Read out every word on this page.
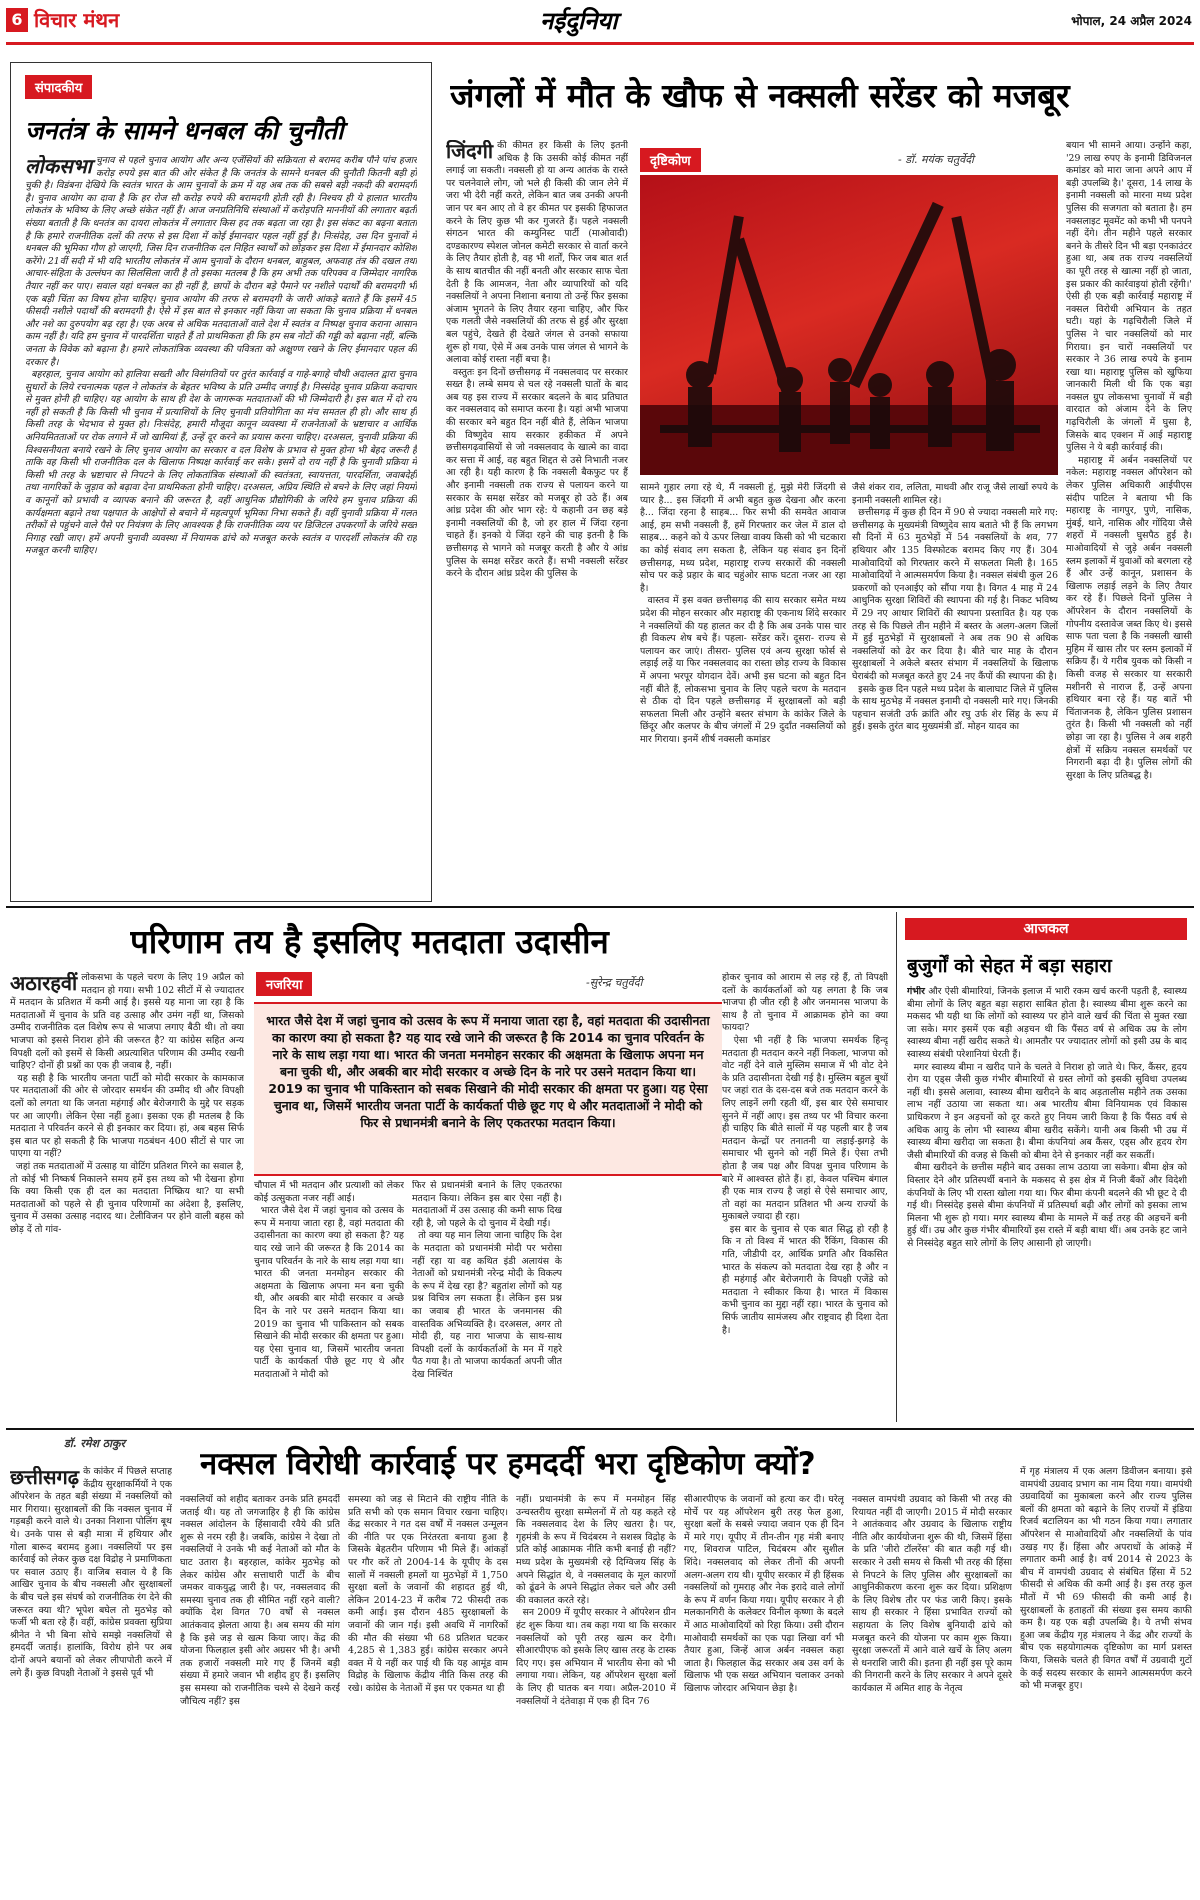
6 विचार मंथन	नईदुनिया	भोपाल, 24 अप्रैल 2024
संपादकीय
जनतंत्र के सामने धनबल की चुनौती
लोकसभा चुनाव से पहले चुनाव आयोग और अन्य एजेंसियों की सक्रियता से बरामद करीब पौने पांच हजार करोड़ रुपये इस बात की ओर संकेत है कि जनतंत्र के सामने धनबल की चुनौती कितनी बड़ी हो चुकी है। विडंबना देखिये कि स्वतंत्र भारत के आम चुनावों के क्रम में यह अब तक की सबसे बड़ी नकदी की बरामदगी है। चुनाव आयोग का दावा है कि हर रोज सौ करोड़ रुपये की बरामदगी होती रही है। निश्चय ही ये हालात भारतीय लोकतंत्र के भविष्य के लिए अच्छे संकेत नहीं हैं। आज जनप्रतिनिधि संस्थाओं में करोड़पति माननीयों की लगातार बढ़ती संख्या बताती है कि धनतंत्र का दायरा लोकतंत्र में लगातार किस हद तक बढ़ता जा रहा है। इस संकट का बढ़ना बताता है कि हमारे राजनीतिक दलों की तरफ से इस दिशा में कोई ईमानदार पहल नहीं हुई है। निःसंदेह, उस दिन चुनावों में धनबल की भूमिका गौण हो जाएगी, जिस दिन राजनीतिक दल निहित स्वार्थों को छोड़कर इस दिशा में ईमानदार कोशिश करेंगे। 21वीं सदी में भी यदि भारतीय लोकतंत्र में आम चुनावों के दौरान धनबल, बाहुबल, अफवाह तंत्र की दखल तथा आचार-संहिता के उल्लंघन का सिलसिला जारी है तो इसका मतलब है कि हम अभी तक परिपक्व व जिम्मेदार नागरिक तैयार नहीं कर पाए। सवाल यहां धनबल का ही नहीं है, छापों के दौरान बड़े पैमाने पर नशीले पदार्थों की बरामदगी भी एक बड़ी चिंता का विषय होना चाहिए। चुनाव आयोग की तरफ से बरामदगी के जारी आंकड़े बताते हैं कि इसमें 45 फीसदी नशीले पदार्थों की बरामदगी है। ऐसे में इस बात से इनकार नहीं किया जा सकता कि चुनाव प्रक्रिया में धनबल और नशे का दुरुपयोग बढ़ रहा है। एक अरब से अधिक मतदाताओं वाले देश में स्वतंत्र व निष्पक्ष चुनाव कराना आसान काम नहीं है। यदि हम चुनाव में पारदर्शिता चाहते हैं तो प्राथमिकता ही कि हम सब नोटों की गड्डी को बढ़ाना नहीं, बल्कि जनता के विवेक को बढ़ाना है। हमारे लोकतांत्रिक व्यवस्था की पवित्रता को अक्षुण्ण रखने के लिए ईमानदार पहल की दरकार है।
बहरहाल, चुनाव आयोग को हालिया सख्ती और विसंगतियों पर तुरंत कार्रवाई व गाहे-बगाहे चौथी अदालत द्वारा चुनाव सुधारों के लिये रचनात्मक पहल ने लोकतंत्र के बेहतर भविष्य के प्रति उम्मीद जगाई है। निस्संदेह चुनाव प्रक्रिया कदाचार से मुक्त होनी ही चाहिए। यह आयोग के साथ ही देश के जागरूक मतदाताओं की भी जिम्मेदारी है। इस बात में दो राय नहीं हो सकती है कि किसी भी चुनाव में प्रत्याशियों के लिए चुनावी प्रतियोगिता का मंच समतल ही हो। और साथ ही किसी तरह के भेदभाव से मुक्त हो। निःसंदेह, हमारी मौजूदा कानून व्यवस्था में राजनेताओं के भ्रष्टाचार व आर्थिक अनियमितताओं पर रोक लगाने में जो खामियां हैं, उन्हें दूर करने का प्रयास करना चाहिए। दरअसल, चुनावी प्रक्रिया की विश्वसनीयता बनाये रखने के लिए चुनाव आयोग का सरकार व दल विशेष के प्रभाव से मुक्त होना भी बेहद जरूरी है ताकि वह किसी भी राजनीतिक दल के खिलाफ निष्पक्ष कार्रवाई कर सके। इसमें दो राय नहीं है कि चुनावी प्रक्रिया में किसी भी तरह के भ्रष्टाचार से निपटने के लिए लोकतांत्रिक संस्थाओं की स्वतंत्रता, स्वायत्तता, पारदर्शिता, जवाबदेही तथा नागरिकों के जुड़ाव को बढ़ावा देना प्राथमिकता होनी चाहिए। दरअसल, अप्रिय स्थिति से बचने के लिए जहां नियमों व कानूनों को प्रभावी व व्यापक बनाने की जरूरत है, वहीं आधुनिक प्रौद्योगिकी के जरिये हम चुनाव प्रक्रिया की कार्यक्षमता बढ़ाने तथा पक्षपात के आक्षेपों से बचाने में महत्वपूर्ण भूमिका निभा सकते हैं। वहीं चुनावी प्रक्रिया में गलत तरीकों से पहुंचने वाले पैसे पर नियंत्रण के लिए आवश्यक है कि राजनीतिक व्यय पर डिजिटल उपकरणों के जरिये सख्त निगाह रखी जाए। हमें अपनी चुनावी व्यवस्था में नियामक ढांचे को मजबूत करके स्वतंत्र व पारदर्शी लोकतंत्र की राह मजबूत करनी चाहिए।
जंगलों में मौत के खौफ से नक्सली सरेंडर को मजबूर
जिंदगी की कीमत हर किसी के लिए इतनी अधिक है कि उसकी कोई कीमत नहीं लगाई जा सकती। नक्सली हो या अन्य आतंक के रास्ते पर चलनेवाले लोग, जो भले ही किसी की जान लेने में जरा भी देरी नहीं करते, लेकिन बात जब उनकी अपनी जान पर बन आए तो वे हर कीमत पर इसकी हिफाजत करने के लिए कुछ भी कर गुजरते हैं। पहले नक्सली संगठन भारत की कम्युनिस्ट पार्टी (माओवादी) दण्डकारण्य स्पेशल जोनल कमेटी सरकार से वार्ता करने के लिए तैयार होती है, वह भी शर्तों, फिर जब बात शर्त के साथ बातचीत की नहीं बनती और सरकार साफ चेता देती है कि आमजन, नेता और व्यापारियों को यदि नक्सलियों ने अपना निशाना बनाया तो उन्हें फिर इसका अंजाम भुगतने के लिए तैयार रहना चाहिए, और फिर एक गलती जैसे नक्सलियों की तरफ से हुई और सुरक्षा बल पहुंचे, देखते ही देखते जंगल से उनको सफाया शुरू हो गया, ऐसे में अब उनके पास जंगल से भागने के अलावा कोई रास्ता नहीं बचा है।
वस्तुतः इन दिनों छत्तीसगढ़ में नक्सलवाद पर सरकार सख्त है। लम्बे समय से चल रहे नक्सली घातों के बाद अब यह इस राज्य में सरकार बदलने के बाद प्रतिघात कर नक्सलवाद को समाप्त करना है। यहां अभी भाजपा की सरकार बने बहुत दिन नहीं बीते हैं, लेकिन भाजपा की विष्णुदेव साय सरकार हकीकत में अपने छत्तीसगढ़वासियों से जो नक्सलवाद के खात्मे का वादा कर सत्ता में आई, वह बहुत शिद्दत से उसे निभाती नजर आ रही है। यही कारण है कि नक्सली बैकफुट पर हैं और इनामी नक्सली तक राज्य से पलायन करने या सरकार के समक्ष सरेंडर को मजबूर हो उठे हैं। अब आंध्र प्रदेश की ओर भाग रहे: ये कहानी उन छह बड़े इनामी नक्सलियों की है, जो हर हाल में जिंदा रहना चाहते हैं। इनको ये जिंदा रहने की चाह इतनी है कि छत्तीसगढ़ से भागने को मजबूर करती है और ये आंध्र पुलिस के समक्ष सरेंडर करते हैं। सभी नक्सली सरेंडर करने के दौरान आंध्र प्रदेश की पुलिस के
दृष्टिकोण	- डॉ. मयंक चतुर्वेदी
सामने गुहार लगा रहे थे, मैं नक्सली हूं, मुझे मेरी जिंदगी से प्यार है... इस जिंदगी में अभी बहुत कुछ देखना और करना है... जिंदा रहना है साहब... फिर सभी की समवेत आवाज आई, हम सभी नक्सली हैं, हमें गिरफ्तार कर जेल में डाल दो साहब... कहने को ये ऊपर लिखा वाक्य किसी को भी चटकारा का कोई संवाद लग सकता है, लेकिन यह संवाद इन दिनों छत्तीसगढ़, मध्य प्रदेश, महाराष्ट्र राज्य सरकारों की नक्सली सोच पर कड़े प्रहार के बाद चहुंओर साफ घटता नजर आ रहा है।
वास्तव में इस वक्त छत्तीसगढ़ की साय सरकार समेत मध्य प्रदेश की मोहन सरकार और महाराष्ट्र की एकनाथ शिंदे सरकार ने नक्सलियों की यह हालत कर दी है कि अब उनके पास चार ही विकल्प शेष बचे हैं। पहला- सरेंडर करें। दूसरा- राज्य से पलायन कर जाएं। तीसरा- पुलिस एवं अन्य सुरक्षा फोर्स से लड़ाई लड़ें या फिर नक्सलवाद का रास्ता छोड़ राज्य के विकास में अपना भरपूर योगदान देवें। अभी इस घटना को बहुत दिन नहीं बीते हैं, लोकसभा चुनाव के लिए पहले चरण के मतदान से ठीक दो दिन पहले छत्तीसगढ़ में सुरक्षाबलों को बड़ी सफलता मिली और उन्होंने बस्तर संभाग के कांकेर जिले के छिंदूर और कलपर के बीच जंगलों में 29 दुर्दांत नक्सलियों को मार गिराया। इनमें शीर्ष नक्सली कमांडर
जैसे शंकर राव, ललिता, माधवी और राजू जैसे लाखों रुपये के इनामी नक्सली शामिल रहे।
छत्तीसगढ़ में कुछ ही दिन में 90 से ज्यादा नक्सली मारे गए: छत्तीसगढ़ के मुख्यमंत्री विष्णुदेव साय बताते भी हैं कि लगभग सौ दिनों में 63 मुठभेड़ों में 54 नक्सलियों के शव, 77 हथियार और 135 विस्फोटक बरामद किए गए हैं। 304 माओवादियों को गिरफ्तार करने में सफलता मिली है। 165 माओवादियों ने आत्मसमर्पण किया है। नक्सल संबंधी कुल 26 प्रकरणों को एनआईए को सौंपा गया है। विगत 4 माह में 24 आधुनिक सुरक्षा शिविरों की स्थापना की गई है। निकट भविष्य में 29 नए आधार शिविरों की स्थापना प्रस्तावित है। यह एक तरह से कि पिछले तीन महीने में बस्तर के अलग-अलग जिलों में हुई मुठभेड़ों में सुरक्षाबलों ने अब तक 90 से अधिक नक्सलियों को ढेर कर दिया है। बीते चार माह के दौरान सुरक्षाबलों ने अकेले बस्तर संभाग में नक्सलियों के खिलाफ घेराबंदी को मजबूत करते हुए 24 नए कैंपों की स्थापना की है।
इसके कुछ दिन पहले मध्य प्रदेश के बालाघाट जिले में पुलिस के साथ मुठभेड़ में नक्सल इनामी दो नक्सली मारे गए। जिनकी पहचान सजंती उर्फ क्रांति और रघु उर्फ शेर सिंह के रूप में हुई। इसके तुरंत बाद मुख्यमंत्री डॉ. मोहन यादव का
बयान भी सामने आया। उन्होंने कहा, '29 लाख रुपए के इनामी डिविजनल कमांडर को मारा जाना अपने आप में बड़ी उपलब्धि है।' दूसरा, 14 लाख के इनामी नक्सली को मारना मध्य प्रदेश पुलिस की सजगता को बताता है। हम नक्सलाइट मूवमेंट को कभी भी पनपने नहीं देंगे। तीन महीने पहले सरकार बनने के तीसरे दिन भी बड़ा एनकाउंटर हुआ था, अब तक राज्य नक्सलियों का पूरी तरह से खात्मा नहीं हो जाता, इस प्रकार की कार्रवाइयां होती रहेंगी।' ऐसी ही एक बड़ी कार्रवाई महाराष्ट्र में नक्सल विरोधी अभियान के तहत घटी। यहां के गढ़चिरौली जिले में पुलिस ने चार नक्सलियों को मार गिराया। इन चारों नक्सलियों पर सरकार ने 36 लाख रुपये के इनाम रखा था। महाराष्ट्र पुलिस को खुफिया जानकारी मिली थी कि एक बड़ा नक्सल ग्रुप लोकसभा चुनावों में बड़ी वारदात को अंजाम देने के लिए गढ़चिरौली के जंगलों में घुसा है, जिसके बाद एक्शन में आई महाराष्ट्र पुलिस ने ये बड़ी कार्रवाई की।
महाराष्ट्र में अर्बन नक्सलियों पर नकेल: महाराष्ट्र नक्सल ऑपरेशन को लेकर पुलिस अधिकारी आईपीएस संदीप पाटिल ने बताया भी कि महाराष्ट्र के नागपुर, पुणे, नासिक, मुंबई, थाने, नासिक और गोंदिया जैसे शहरों में नक्सली घुसपैठ हुई है। माओवादियों से जुड़े अर्बन नक्सली स्लम इलाकों में युवाओं को बरगला रहे हैं और उन्हें कानून, प्रशासन के खिलाफ लड़ाई लड़ने के लिए तैयार कर रहे हैं। पिछले दिनों पुलिस ने ऑपरेशन के दौरान नक्सलियों के गोपनीय दस्तावेज जब्त किए थे। इससे साफ पता चला है कि नक्सली खासी मुहिम में खास तौर पर स्लम इलाकों में सक्रिय हैं। ये गरीब युवक को किसी न किसी वजह से सरकार या सरकारी मशीनरी से नाराज हैं, उन्हें अपना हथियार बना रहे हैं। यह बातें भी चिंताजनक है, लेकिन पुलिस प्रशासन तुरंत है। किसी भी नक्सली को नहीं छोड़ा जा रहा है। पुलिस ने अब शहरी क्षेत्रों में सक्रिय नक्सल समर्थकों पर निगरानी बढ़ा दी है। पुलिस लोगों की सुरक्षा के लिए प्रतिबद्ध है।
परिणाम तय है इसलिए मतदाता उदासीन
नजरिया	-सुरेन्द्र चतुर्वेदी
अठारहवीं लोकसभा के पहले चरण के लिए 19 अप्रैल को मतदान हो गया। सभी 102 सीटों में से ज्यादातर में मतदान के प्रतिशत में कमी आई है। इससे यह माना जा रहा है कि मतदाताओं में चुनाव के प्रति वह उत्साह और उमंग नहीं था, जिसको उम्मीद राजनीतिक दल विशेष रूप से भाजपा लगाए बैठी थी। तो क्या भाजपा को इससे निराश होने की जरूरत है? या कांग्रेस सहित अन्य विपक्षी दलों को इसमें से किसी अप्रत्याशित परिणाम की उम्मीद रखनी चाहिए? दोनों ही प्रश्नों का एक ही जवाब है, नहीं।
यह सही है कि भारतीय जनता पार्टी को मोदी सरकार के कामकाज पर मतदाताओं की ओर से जोरदार समर्थन की उम्मीद थी और विपक्षी दलों को लगता था कि जनता महंगाई और बेरोजगारी के मुद्दे पर सड़क पर आ जाएगी। लेकिन ऐसा नहीं हुआ। इसका एक ही मतलब है कि मतदाता ने परिवर्तन करने से ही इनकार कर दिया। हां, अब बहस सिर्फ इस बात पर हो सकती है कि भाजपा गठबंधन 400 सीटों से पार जा पाएगा या नहीं?
जहां तक मतदाताओं में उत्साह या वोटिंग प्रतिशत गिरने का सवाल है, तो कोई भी निष्कर्ष निकालने समय हमें इस तथ्य को भी देखना होगा कि क्या किसी एक ही दल का मतदाता निष्क्रिय था? या सभी मतदाताओं को पहले से ही चुनाव परिणामों का अंदेशा है, इसलिए, चुनाव में उसका उत्साह नदारद था। टेलीविजन पर होने वाली बहस को छोड़ दें तो गांव-
भारत जैसे देश में जहां चुनाव को उत्सव के रूप में मनाया जाता रहा है, वहां मतदाता की उदासीनता का कारण क्या हो सकता है? यह याद रखे जाने की जरूरत है कि 2014 का चुनाव परिवर्तन के नारे के साथ लड़ा गया था। भारत की जनता मनमोहन सरकार की अक्षमता के खिलाफ अपना मन बना चुकी थी, और अबकी बार मोदी सरकार व अच्छे दिन के नारे पर उसने मतदान किया था। 2019 का चुनाव भी पाकिस्तान को सबक सिखाने की मोदी सरकार की क्षमता पर हुआ। यह ऐसा चुनाव था, जिसमें भारतीय जनता पार्टी के कार्यकर्ता पीछे छूट गए थे और मतदाताओं ने मोदी को फिर से प्रधानमंत्री बनाने के लिए एकतरफा मतदान किया।
चौपाल में भी मतदान और प्रत्याशी को लेकर कोई उत्सुकता नजर नहीं आई।
भारत जैसे देश में जहां चुनाव को उत्सव के रूप में मनाया जाता रहा है, वहां मतदाता की उदासीनता का कारण क्या हो सकता है? यह याद रखे जाने की जरूरत है कि 2014 का चुनाव परिवर्तन के नारे के साथ लड़ा गया था। भारत की जनता मनमोहन सरकार की अक्षमता के खिलाफ अपना मन बना चुकी थी, और अबकी बार मोदी सरकार व अच्छे दिन के नारे पर उसने मतदान किया था। 2019 का चुनाव भी पाकिस्तान को सबक सिखाने की मोदी सरकार की क्षमता पर हुआ। यह ऐसा चुनाव था, जिसमें भारतीय जनता पार्टी के कार्यकर्ता पीछे छूट गए थे और मतदाताओं ने मोदी को
फिर से प्रधानमंत्री बनाने के लिए एकतरफा मतदान किया। लेकिन इस बार ऐसा नहीं है। मतदाताओं में उस उत्साह की कमी साफ दिख रही है, जो पहले के दो चुनाव में देखी गई।
तो क्या यह मान लिया जाना चाहिए कि देश के मतदाता को प्रधानमंत्री मोदी पर भरोसा नहीं रहा या वह कथित इंडी अलायंस के नेताओं को प्रधानमंत्री नरेन्द्र मोदी के विकल्प के रूप में देख रहा है? बहुतांश लोगों को यह प्रश्न विचित्र लग सकता है। लेकिन इस प्रश्न का जवाब ही भारत के जनमानस की वास्तविक अभिव्यक्ति है। दरअसल, अगर तो मोदी ही, यह नारा भाजपा के साथ-साथ विपक्षी दलों के कार्यकर्ताओं के मन में गहरे पैठ गया है। तो भाजपा कार्यकर्ता अपनी जीत देख निश्चिंत
होकर चुनाव को आराम से लड़ रहे हैं, तो विपक्षी दलों के कार्यकर्ताओं को यह लगता है कि जब भाजपा ही जीत रही है और जनमानस भाजपा के साथ है तो चुनाव में आक्रामक होने का क्या फायदा?
ऐसा भी नहीं है कि भाजपा समर्थक हिन्दू मतदाता ही मतदान करने नहीं निकला, भाजपा को वोट नहीं देने वाले मुस्लिम समाज में भी वोट देने के प्रति उदासीनता देखी गई है। मुस्लिम बहुल बूथों पर जहां रात के दस-दस बजे तक मतदान करने के लिए लाइनें लगी रहती थीं, इस बार ऐसे समाचार सुनने में नहीं आए। इस तथ्य पर भी विचार करना ही चाहिए कि बीते सालों में यह पहली बार है जब मतदान केन्द्रों पर तनातनी या लड़ाई-झगड़े के समाचार भी सुनने को नहीं मिले हैं। ऐसा तभी होता है जब पक्ष और विपक्ष चुनाव परिणाम के बारे में आश्वस्त होते हैं। हां, केवल पश्चिम बंगाल ही एक मात्र राज्य है जहां से ऐसे समाचार आए, तो वहां का मतदान प्रतिशत भी अन्य राज्यों के मुकाबले ज्यादा ही रहा।
इस बार के चुनाव से एक बात सिद्ध हो रही है कि न तो विश्व में भारत की रैंकिंग, विकास की गति, जीडीपी दर, आर्थिक प्रगति और विकसित भारत के संकल्प को मतदाता देख रहा है और न ही महंगाई और बेरोजगारी के विपक्षी एजेंडे को मतदाता ने स्वीकार किया है। भारत में विकास कभी चुनाव का मुद्दा नहीं रहा। भारत के चुनाव को सिर्फ जातीय सामंजस्य और राष्ट्रवाद ही दिशा देता है।
आजकल
बुजुर्गों को सेहत में बड़ा सहारा
गंभीर और ऐसी बीमारियां, जिनके इलाज में भारी रकम खर्च करनी पड़ती है, स्वास्थ्य बीमा लोगों के लिए बहुत बड़ा सहारा साबित होता है। स्वास्थ्य बीमा शुरू करने का मकसद भी यही था कि लोगों को स्वास्थ्य पर होने वाले खर्च की चिंता से मुक्त रखा जा सके। मगर इसमें एक बड़ी अड़चन थी कि पैंसठ वर्ष से अधिक उम्र के लोग स्वास्थ्य बीमा नहीं खरीद सकते थे। आमतौर पर ज्यादातर लोगों को इसी उम्र के बाद स्वास्थ्य संबंधी परेशानियां घेरती हैं।
मगर स्वास्थ्य बीमा न खरीद पाने के चलते वे निराश हो जाते थे। फिर, कैंसर, हृदय रोग या एड्स जैसी कुछ गंभीर बीमारियों से ग्रस्त लोगों को इसकी सुविधा उपलब्ध नहीं थी। इससे अलावा, स्वास्थ्य बीमा खरीदने के बाद अड़तालीस महीने तक उसका लाभ नहीं उठाया जा सकता था। अब भारतीय बीमा विनियामक एवं विकास प्राधिकरण ने इन अड़चनों को दूर करते हुए नियम जारी किया है कि पैंसठ वर्ष से अधिक आयु के लोग भी स्वास्थ्य बीमा खरीद सकेंगे। यानी अब किसी भी उम्र में स्वास्थ्य बीमा खरीदा जा सकता है। बीमा कंपनियां अब कैंसर, एड्स और हृदय रोग जैसी बीमारियों की वजह से किसी को बीमा देने से इनकार नहीं कर सकतीं।
बीमा खरीदने के छत्तीस महीने बाद उसका लाभ उठाया जा सकेगा। बीमा क्षेत्र को विस्तार देने और प्रतिस्पर्धी बनाने के मकसद से इस क्षेत्र में निजी बैंकों और विदेशी कंपनियों के लिए भी रास्ता खोला गया था। फिर बीमा कंपनी बदलने की भी छूट दे दी गई थी। निस्संदेह इससे बीमा कंपनियों में प्रतिस्पर्धा बढ़ी और लोगों को इसका लाभ मिलना भी शुरू हो गया। मगर स्वास्थ्य बीमा के मामले में कई तरह की अड़चनें बनी हुई थीं। उम्र और कुछ गंभीर बीमारियों इस रास्ते में बड़ी बाधा थीं। अब उनके हट जाने से निस्संदेह बहुत सारे लोगों के लिए आसानी हो जाएगी।
डॉ. रमेश ठाकुर
नक्सल विरोधी कार्रवाई पर हमदर्दी भरा दृष्टिकोण क्यों?
छत्तीसगढ़ के कांकेर में पिछले सप्ताह केंद्रीय सुरक्षाकर्मियों ने एक ऑपरेशन के तहत बड़ी संख्या में नक्सलियों को मार गिराया। सुरक्षाबलों की कि नक्सल चुनाव में गड़बड़ी करने वाले थे। उनका निशाना पोलिंग बूथ थे। उनके पास से बड़ी मात्रा में हथियार और गोला बारूद बरामद हुआ। नक्सलियों पर इस कार्रवाई को लेकर कुछ दक्ष विद्रोह ने प्रमाणिकता पर सवाल उठाए हैं। वाजिब सवाल ये है कि आखिर चुनाव के बीच नक्सली और सुरक्षाबलों के बीच चले इस संघर्ष को राजनीतिक रंग देने की जरूरत क्या थी? भूपेश बघेल तो मुठभेड़ को फर्जी भी बता रहे हैं। वहीं, कांग्रेस प्रवक्ता सुप्रिया श्रीनेत ने भी बिना सोचे समझे नक्सलियों से हमदर्दी जताई। हालांकि, विरोध होने पर अब दोनों अपने बयानों को लेकर लीपापोती करने में लगे हैं। कुछ विपक्षी नेताओं ने इससे पूर्व भी
नक्सलियों को शहीद बताकर उनके प्रति हमदर्दी जताई थी। यह तो जगजाहिर है ही कि कांग्रेस नक्सल आंदोलन के हिंसावादी रवैये की प्रति शुरू से नरम रही है। जबकि, कांग्रेस ने देखा तो नक्सलियों ने उनके भी कई नेताओं को मौत के घाट उतारा है। बहरहाल, कांकेर मुठभेड़ को लेकर कांग्रेस और सत्ताधारी पार्टी के बीच जमकर वाकयुद्ध जारी है। पर, नक्सलवाद की समस्या चुनाव तक ही सीमित नहीं रहने वाली? क्योंकि देश विगत 70 वर्षों से नक्सल आतंकवाद झेलता आया है। अब समय की मांग है कि इसे जड़ से खत्म किया जाए। केंद्र की योजना फिलहाल इसी ओर अग्रसर भी है। अभी तक हजारों नक्सली मारे गए हैं जिनमें बड़ी संख्या में हमारे जवान भी शहीद हुए हैं। इसलिए इस समस्या को राजनीतिक चश्मे से देखने करई जौचित्य नहीं? इस
समस्या को जड़ से मिटाने की राष्ट्रीय नीति के प्रति सभी को एक समान विचार रखना चाहिए। केंद्र सरकार ने गत दस वर्षों में नक्सल उन्मूलन की नीति पर एक निरंतरता बनाया हुआ है जिसके बेहतरीन परिणाम भी मिले हैं। आंकड़ों पर गौर करें तो 2004-14 के यूपीए के दस सालों में नक्सली हमलों या मुठभेड़ों में 1,750 सुरक्षा बलों के जवानों की शहादत हुई थी, लेकिन 2014-23 में करीब 72 फीसदी तक कमी आई। इस दौरान 485 सुरक्षाबलों के जवानों की जान गई। इसी अवधि में नागरिकों की मौत की संख्या भी 68 प्रतिशत घटकर 4,285 से 1,383 हुई। कांग्रेस सरकार अपने वक्त में ये नहीं कर पाई थी कि यह आमूंड वाम विद्रोह के खिलाफ केंद्रीय नीति किस तरह की रखे। कांग्रेस के नेताओं में इस पर एकमत था ही
नहीं। प्रधानमंत्री के रूप में मनमोहन सिंह उन्चस्तरीय सुरक्षा सम्मेलनों में तो यह कहते रहे कि नक्सलवाद देश के लिए खतरा है। पर, गृहमंत्री के रूप में चिदंबरम ने सशस्त्र विद्रोह के प्रति कोई आक्रामक नीति कभी बनाई ही नहीं? मध्य प्रदेश के मुख्यमंत्री रहे दिग्विजय सिंह के अपने सिद्धांत थे, वे नक्सलवाद के मूल कारणों को ढूंढने के अपने सिद्धांत लेकर चले और उसी की वकालत करते रहे।
सन 2009 में यूपीए सरकार ने ऑपरेशन ग्रीन हंट शुरू किया था। तब कहा गया था कि सरकार नक्सलियों को पूरी तरह खत्म कर देगी। सीआरपीएफ को इसके लिए खास तरह के टास्क दिए गए। इस अभियान में भारतीय सेना को भी लगाया गया। लेकिन, यह ऑपरेशन सुरक्षा बलों के लिए ही घातक बन गया। अप्रैल-2010 में नक्सलियों ने दंतेवाड़ा में एक ही दिन 76
सीआरपीएफ के जवानों को हत्या कर दी। घरेलू मोर्चे पर यह ऑपरेशन बुरी तरह फेल हुआ, सुरक्षा बलों के सबसे ज्यादा जवान एक ही दिन में मारे गए। यूपीए में तीन-तीन गृह मंत्री बनाए गए, शिवराज पाटिल, चिदंबरम और सुशील शिंदे। नक्सलवाद को लेकर तीनों की अपनी अलग-अलग राय थी। यूपीए सरकार में ही हिंसक नक्सलियों को गुमराह और नेक इरादे वाले लोगों के रूप में वर्णन किया गया। यूपीए सरकार ने ही मलकानगिरी के कलेक्टर विनील कृष्णा के बदले में आठ माओवादियों को रिहा किया। उसी दौरान माओवादी समर्थकों का एक पढ़ा लिखा वर्ग भी तैयार हुआ, जिन्हें आज अर्बन नक्सल कहा जाता है। फिलहाल केंद्र सरकार अब उस वर्ग के खिलाफ भी एक सख्त अभियान चलाकर उनको खिलाफ जोरदार अभियान छेड़ा है।
नक्सल वामपंथी उग्रवाद को किसी भी तरह की रियायत नहीं दी जाएगी। 2015 में मोदी सरकार ने आतंकवाद और उग्रवाद के खिलाफ राष्ट्रीय नीति और कार्ययोजना शुरू की थी, जिसमें हिंसा के प्रति 'जीरो टॉलरेंस' की बात कही गई थी। सरकार ने उसी समय से किसी भी तरह की हिंसा से निपटने के लिए पुलिस और सुरक्षाबलों का आधुनिकीकरण करना शुरू कर दिया। प्रशिक्षण के लिए विशेष तौर पर फंड जारी किए। इसके साथ ही सरकार ने हिंसा प्रभावित राज्यों को सहायता के लिए विशेष बुनियादी ढांचे को मजबूत करने की योजना पर काम शुरू किया। सुरक्षा जरूरतों में आने वाले खर्चे के लिए अलग से धनराशि जारी की। इतना ही नहीं इस पूरे काम की निगरानी करने के लिए सरकार ने अपने दूसरे कार्यकाल में अमित शाह के नेतृत्व
में गृह मंत्रालय में एक अलग डिवीजन बनाया। इसे वामपंथी उग्रवाद प्रभाग का नाम दिया गया। वामपंथी उग्रवादियों का मुकाबला करने और राज्य पुलिस बलों की क्षमता को बढ़ाने के लिए राज्यों में इंडिया रिजर्व बटालियन का भी गठन किया गया। लगातार ऑपरेशन से माओवादियों और नक्सलियों के पांव उखड़ गए हैं। हिंसा और अपराधों के आंकड़े में लगातार कमी आई है। वर्ष 2014 से 2023 के बीच में वामपंथी उग्रवाद से संबंधित हिंसा में 52 फीसदी से अधिक की कमी आई है। इस तरह कुल मौतों में भी 69 फीसदी की कमी आई है। सुरक्षाबलों के हताहतों की संख्या इस समय काफी कम है। यह एक बड़ी उपलब्धि है। ये तभी संभव हुआ जब केंद्रीय गृह मंत्रालय ने केंद्र और राज्यों के बीच एक सहयोगात्मक दृष्टिकोण का मार्ग प्रशस्त किया, जिसके चलते ही विगत वर्षों में उग्रवादी गुटों के कई सदस्य सरकार के सामने आत्मसमर्पण करने को भी मजबूर हुए।
